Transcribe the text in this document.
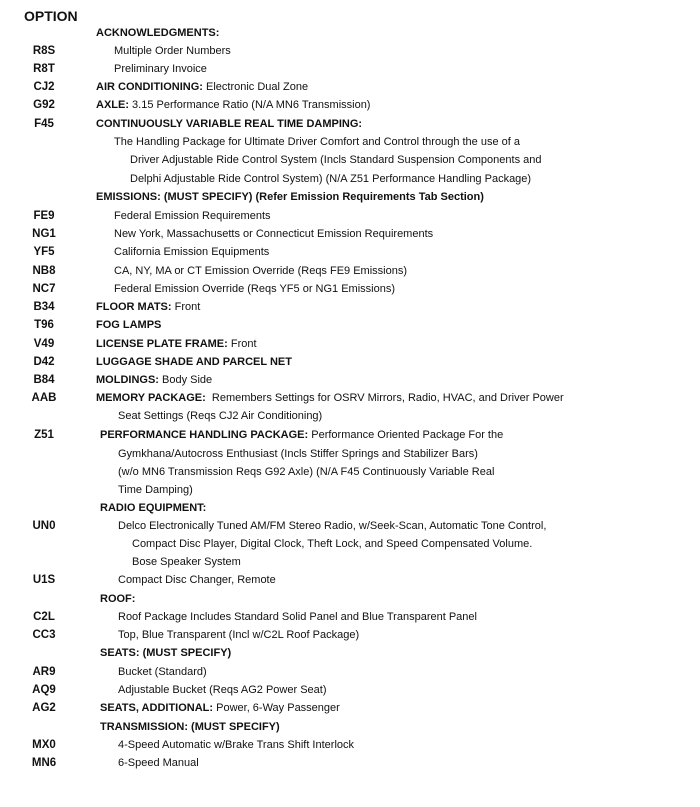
OPTION
ACKNOWLEDGMENTS:
R8S	Multiple Order Numbers
R8T	Preliminary Invoice
CJ2	AIR CONDITIONING: Electronic Dual Zone
G92	AXLE: 3.15 Performance Ratio (N/A MN6 Transmission)
F45	CONTINUOUSLY VARIABLE REAL TIME DAMPING:
The Handling Package for Ultimate Driver Comfort and Control through the use of a
Driver Adjustable Ride Control System (Incls Standard Suspension Components and
Delphi Adjustable Ride Control System) (N/A Z51 Performance Handling Package)
EMISSIONS: (MUST SPECIFY) (Refer Emission Requirements Tab Section)
FE9	Federal Emission Requirements
NG1	New York, Massachusetts or Connecticut Emission Requirements
YF5	California Emission Equipments
NB8	CA, NY, MA or CT Emission Override (Reqs FE9 Emissions)
NC7	Federal Emission Override (Reqs YF5 or NG1 Emissions)
B34	FLOOR MATS: Front
T96	FOG LAMPS
V49	LICENSE PLATE FRAME: Front
D42	LUGGAGE SHADE AND PARCEL NET
B84	MOLDINGS: Body Side
AAB	MEMORY PACKAGE:  Remembers Settings for OSRV Mirrors, Radio, HVAC, and Driver Power
Seat Settings (Reqs CJ2 Air Conditioning)
Z51	PERFORMANCE HANDLING PACKAGE: Performance Oriented Package For the
Gymkhana/Autocross Enthusiast (Incls Stiffer Springs and Stabilizer Bars)
(w/o MN6 Transmission Reqs G92 Axle) (N/A F45 Continuously Variable Real
Time Damping)
RADIO EQUIPMENT:
UN0	Delco Electronically Tuned AM/FM Stereo Radio, w/Seek-Scan, Automatic Tone Control,
Compact Disc Player, Digital Clock, Theft Lock, and Speed Compensated Volume.
Bose Speaker System
U1S	Compact Disc Changer, Remote
ROOF:
C2L	Roof Package Includes Standard Solid Panel and Blue Transparent Panel
CC3	Top, Blue Transparent (Incl w/C2L Roof Package)
SEATS: (MUST SPECIFY)
AR9	Bucket (Standard)
AQ9	Adjustable Bucket (Reqs AG2 Power Seat)
AG2	SEATS, ADDITIONAL: Power, 6-Way Passenger
TRANSMISSION: (MUST SPECIFY)
MX0	4-Speed Automatic w/Brake Trans Shift Interlock
MN6	6-Speed Manual
